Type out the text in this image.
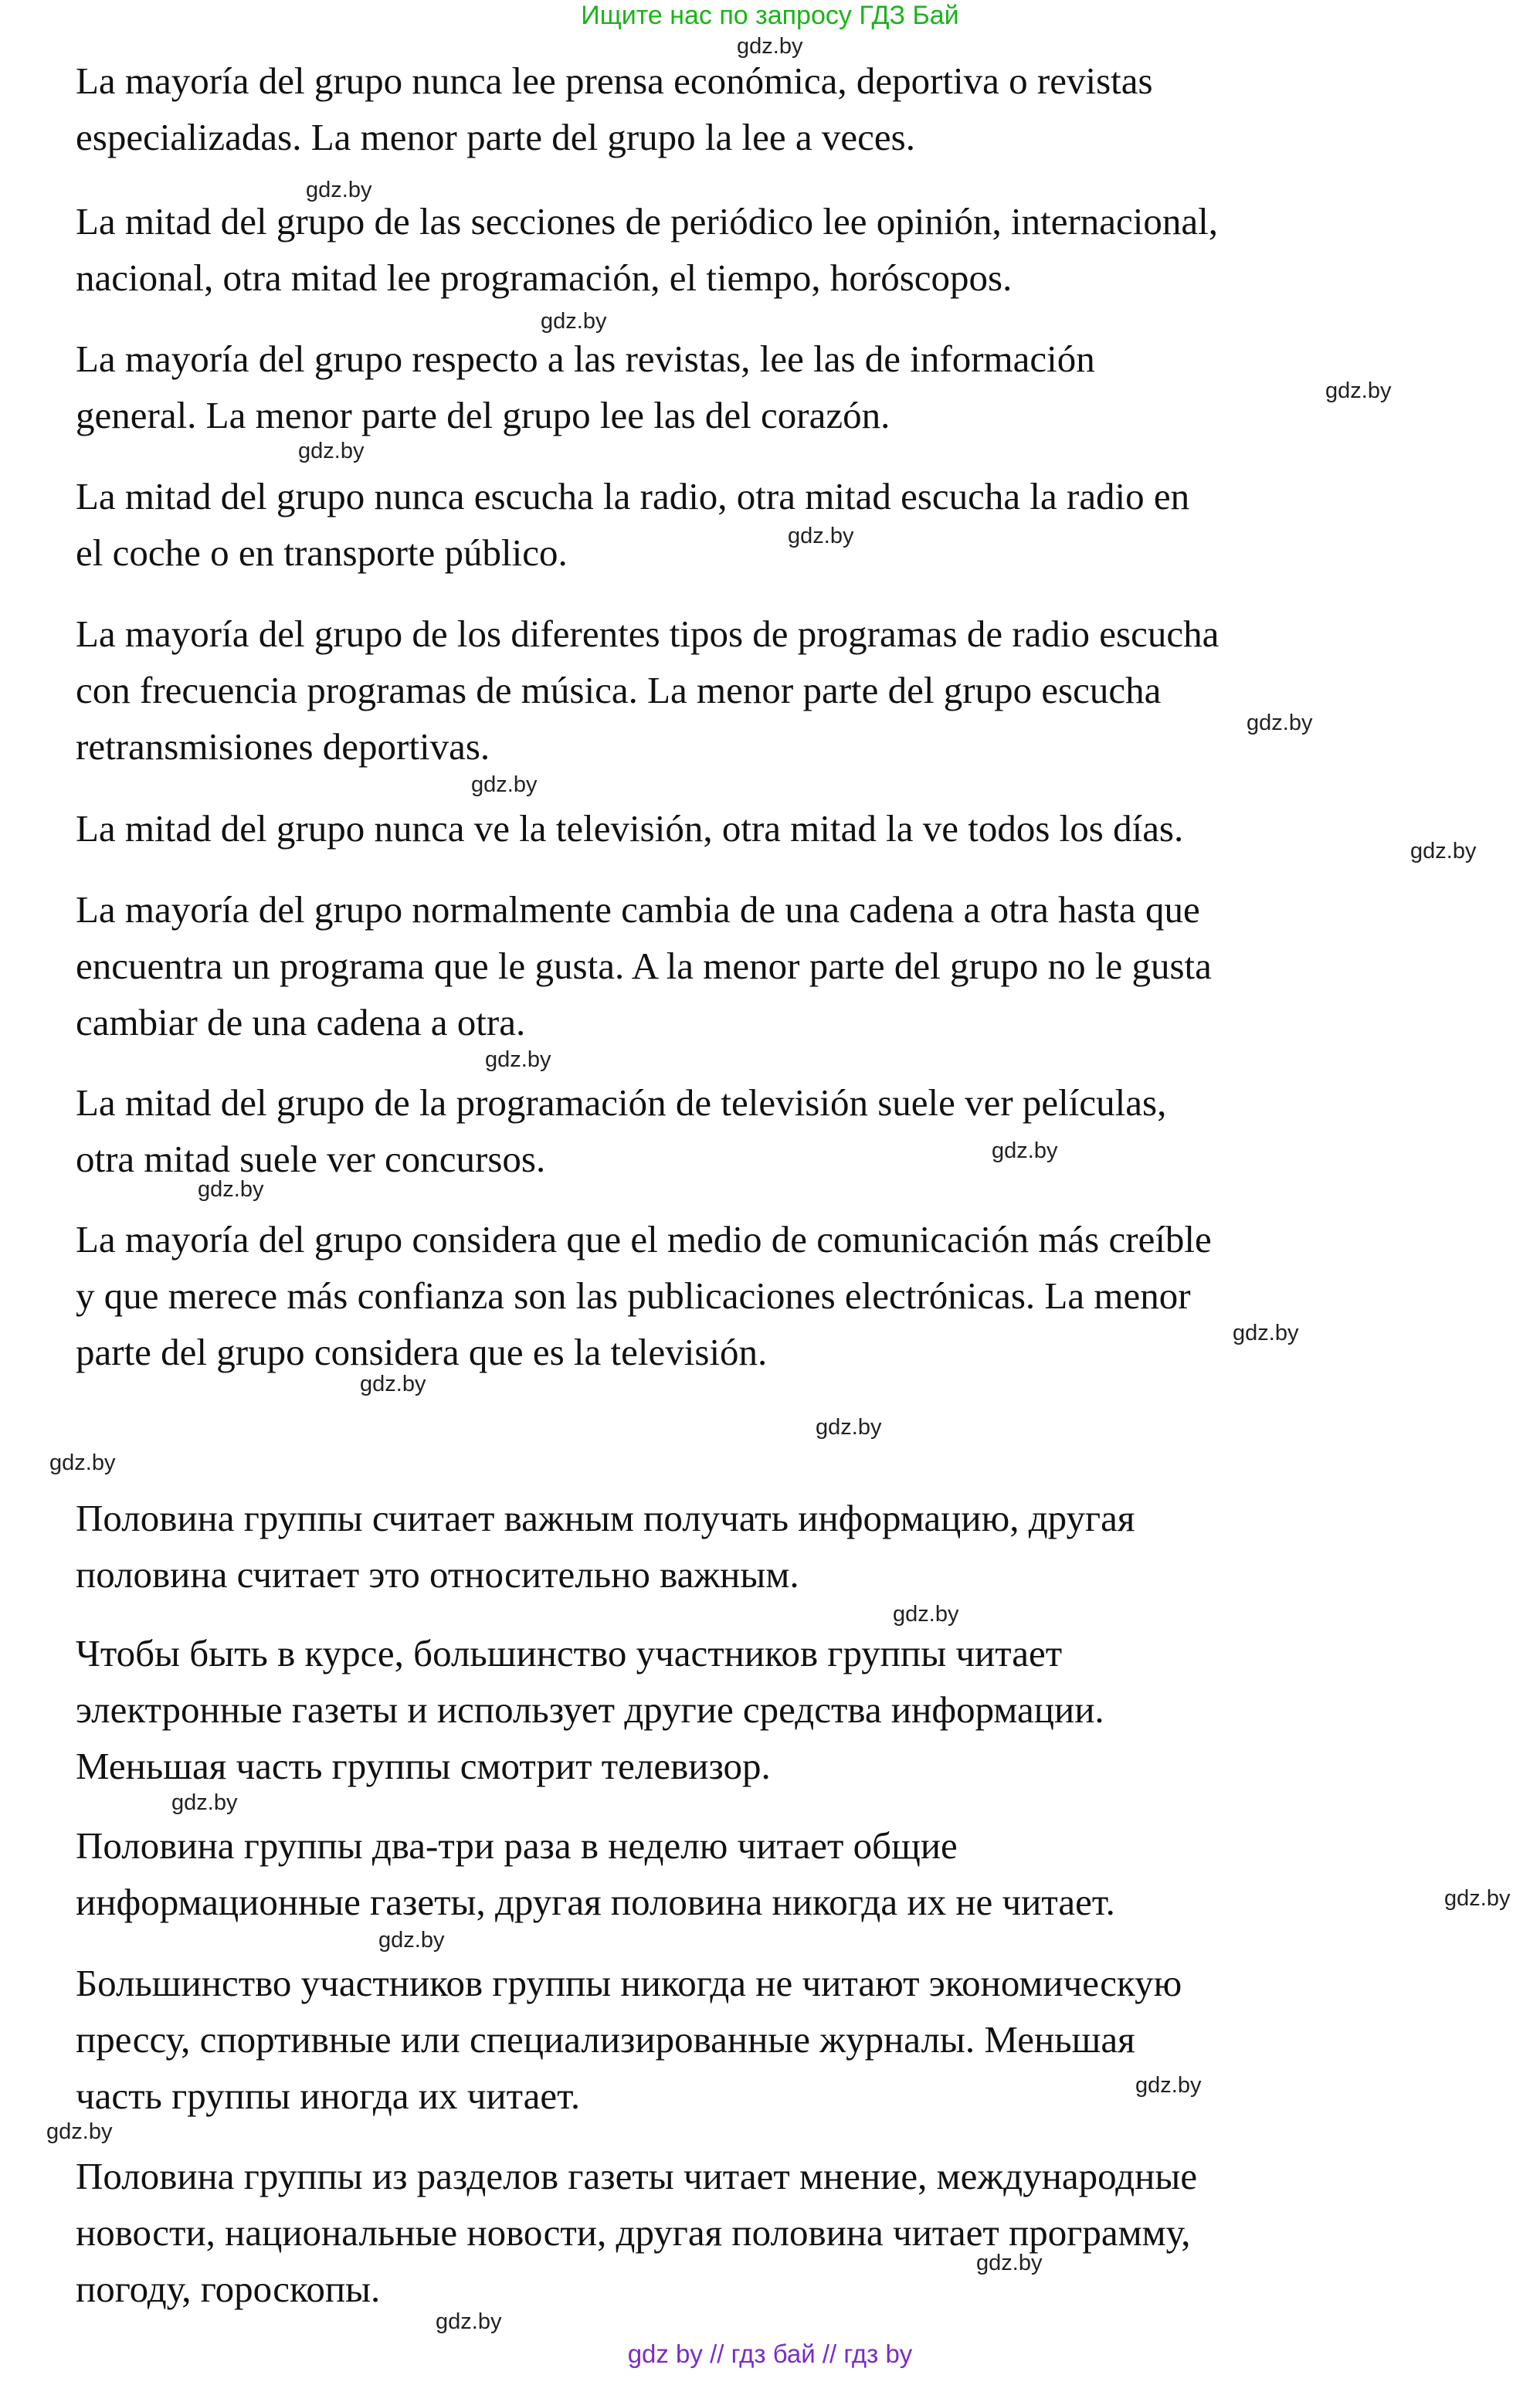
Ищите нас по запросу ГДЗ Бай

La mayoría del grupo nunca lee prensa económica, deportiva o revistas
especializadas. La menor parte del grupo la lee a veces.

La mitad del grupo de las secciones de periódico lee opinión, internacional,
nacional, otra mitad lee programación, el tiempo, horóscopos.

La mayoría del grupo respecto a las revistas, lee las de información
general. La menor parte del grupo lee las del corazón.

La mitad del grupo nunca escucha la radio, otra mitad escucha la radio en
el coche o en transporte público.

La mayoría del grupo de los diferentes tipos de programas de radio escucha
con frecuencia programas de música. La menor parte del grupo escucha
retransmisiones deportivas.

La mitad del grupo nunca ve la televisión, otra mitad la ve todos los días.

La mayoría del grupo normalmente cambia de una cadena a otra hasta que
encuentra un programa que le gusta. A la menor parte del grupo no le gusta
cambiar de una cadena a otra.

La mitad del grupo de la programación de televisión suele ver películas,
otra mitad suele ver concursos.

La mayoría del grupo considera que el medio de comunicación más creíble
y que merece más confianza son las publicaciones electrónicas. La menor
parte del grupo considera que es la televisión.

Половина группы считает важным получать информацию, другая
половина считает это относительно важным.

Чтобы быть в курсе, большинство участников группы читает
электронные газеты и использует другие средства информации.
Меньшая часть группы смотрит телевизор.

Половина группы два-три раза в неделю читает общие
информационные газеты, другая половина никогда их не читает.

Большинство участников группы никогда не читают экономическую
прессу, спортивные или специализированные журналы. Меньшая
часть группы иногда их читает.

Половина группы из разделов газеты читает мнение, международные
новости, национальные новости, другая половина читает программу,
погоду, гороскопы.

gdz.by
gdz.by
gdz.by
gdz.by
gdz.by
gdz.by
gdz.by
gdz.by
gdz.by
gdz.by
gdz.by
gdz.by
gdz.by
gdz.by
gdz.by
gdz.by
gdz.by
gdz.by
gdz.by
gdz.by
gdz.by
gdz.by
gdz.by
gdz.by
gdz by // гдз бай // гдз by
